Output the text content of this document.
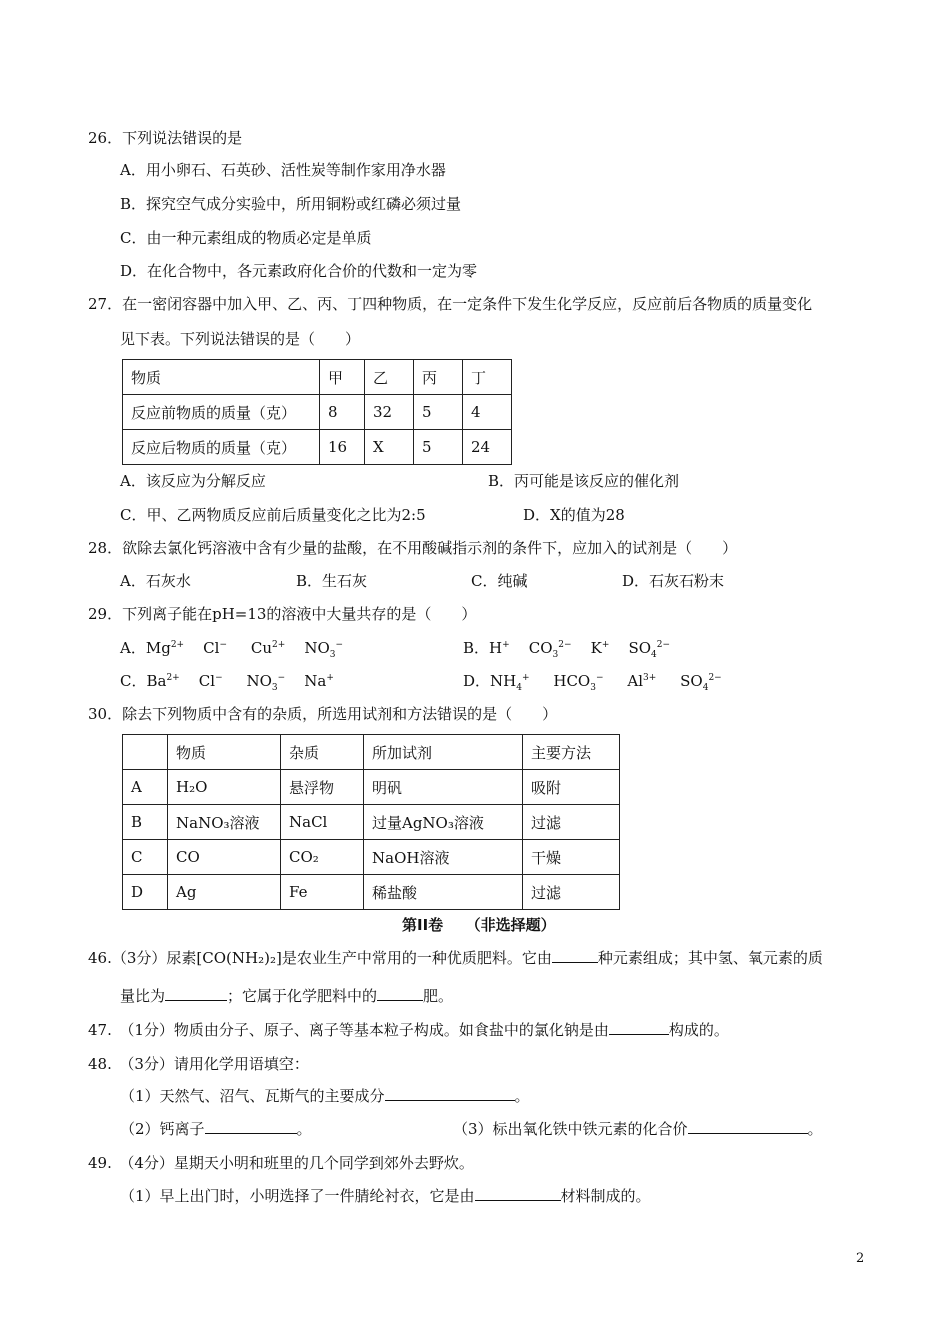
26．下列说法错误的是
A．用小卵石、石英砂、活性炭等制作家用净水器
B．探究空气成分实验中，所用铜粉或红磷必须过量
C．由一种元素组成的物质必定是单质
D．在化合物中，各元素政府化合价的代数和一定为零
27．在一密闭容器中加入甲、乙、丙、丁四种物质，在一定条件下发生化学反应，反应前后各物质的质量变化
见下表。下列说法错误的是（　　）
物质	甲	乙	丙	丁
反应前物质的质量（克）	8	32	5	4
反应后物质的质量（克）	16	X	5	24
A．该反应为分解反应	B．丙可能是该反应的催化剂
C．甲、乙两物质反应前后质量变化之比为2:5	D．X的值为28
28．欲除去氯化钙溶液中含有少量的盐酸，在不用酸碱指示剂的条件下，应加入的试剂是（　　）
A．石灰水	B．生石灰	C．纯碱	D．石灰石粉末
29．下列离子能在pH=13的溶液中大量共存的是（　　）
A．$Mg^{2+}$    Cl−     $Cu^{2+}$    $NO_3^-$	B．H+    $CO_3^{2-}$    K+    $SO_4^{2-}$
C．$Ba^{2+}$    Cl−     $NO_3^-$    Na+	D．$NH_4^+$     $HCO_3^-$     $Al^{3+}$     $SO_4^{2-}$
30．除去下列物质中含有的杂质，所选用试剂和方法错误的是（　　）
	物质	杂质	所加试剂	主要方法
A	H₂O	悬浮物	明矾	吸附
B	NaNO₃溶液	NaCl	过量AgNO₃溶液	过滤
C	CO	CO₂	NaOH溶液	干燥
D	Ag	Fe	稀盐酸	过滤
第II卷　　（非选择题）
46.（3分）尿素[CO(NH₂)₂]是农业生产中常用的一种优质肥料。它由	种元素组成；其中氢、氧元素的质
量比为	；它属于化学肥料中的	肥。
47.　（1分）物质由分子、原子、离子等基本粒子构成。如食盐中的氯化钠是由	构成的。
48.　（3分）请用化学用语填空：
（1）天然气、沼气、瓦斯气的主要成分	。
（2）钙离子	。	（3）标出氧化铁中铁元素的化合价	。
49.　（4分）星期天小明和班里的几个同学到郊外去野炊。
（1）早上出门时，小明选择了一件腈纶衬衣，它是由	材料制成的。
2
